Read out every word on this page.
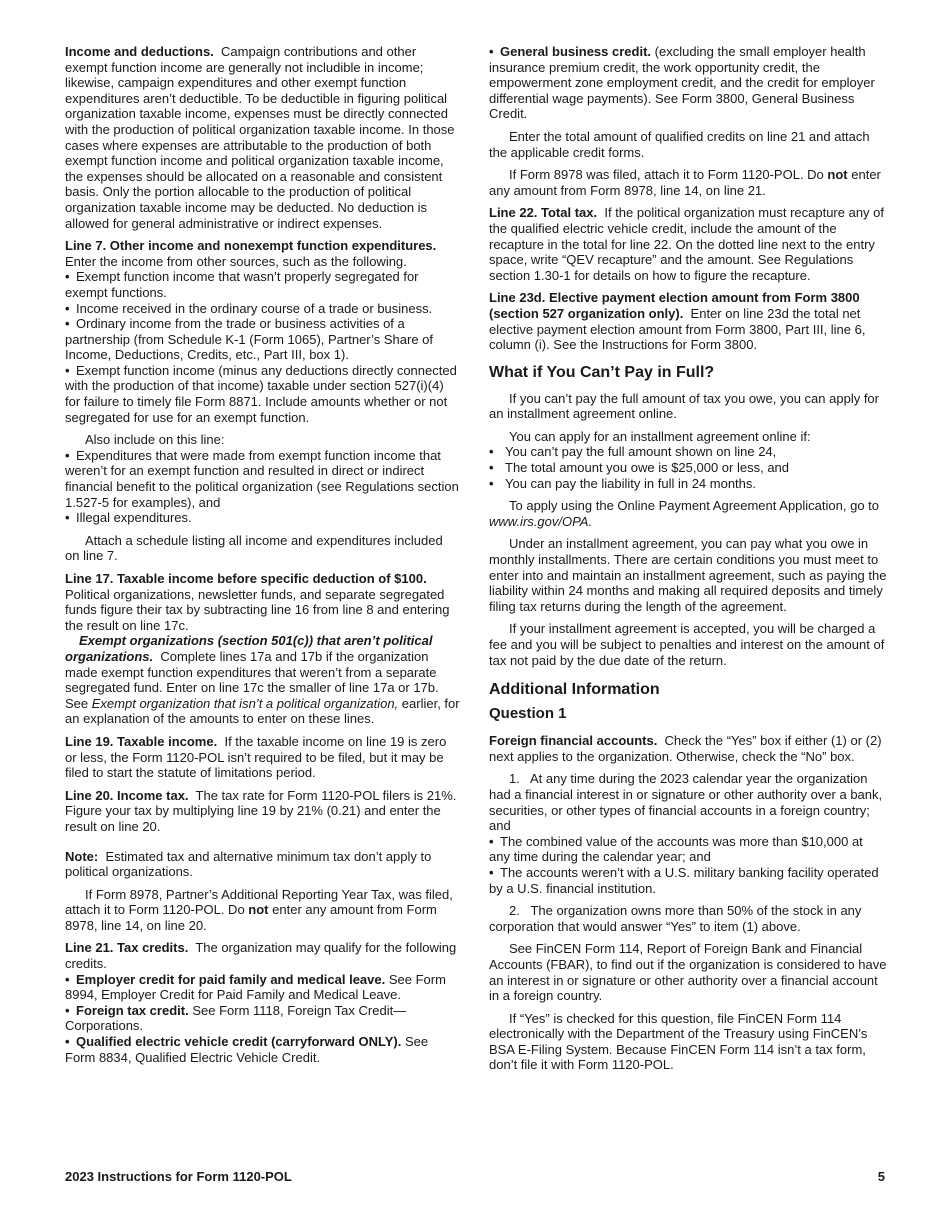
Income and deductions. Campaign contributions and other exempt function income are generally not includible in income; likewise, campaign expenditures and other exempt function expenditures aren’t deductible. To be deductible in figuring political organization taxable income, expenses must be directly connected with the production of political organization taxable income. In those cases where expenses are attributable to the production of both exempt function income and political organization taxable income, the expenses should be allocated on a reasonable and consistent basis. Only the portion allocable to the production of political organization taxable income may be deducted. No deduction is allowed for general administrative or indirect expenses.

Line 7. Other income and nonexempt function expenditures.  Enter the income from other sources, such as the following.
• Exempt function income that wasn’t properly segregated for exempt functions.
• Income received in the ordinary course of a trade or business.
• Ordinary income from the trade or business activities of a partnership (from Schedule K-1 (Form 1065), Partner’s Share of Income, Deductions, Credits, etc., Part III, box 1).
• Exempt function income (minus any deductions directly connected with the production of that income) taxable under section 527(i)(4) for failure to timely file Form 8871. Include amounts whether or not segregated for use for an exempt function.
Also include on this line:
• Expenditures that were made from exempt function income that weren’t for an exempt function and resulted in direct or indirect financial benefit to the political organization (see Regulations section 1.527-5 for examples), and
• Illegal expenditures.

Attach a schedule listing all income and expenditures included on line 7.

Line 17. Taxable income before specific deduction of $100. Political organizations, newsletter funds, and separate segregated funds figure their tax by subtracting line 16 from line 8 and entering the result on line 17c.
Exempt organizations (section 501(c)) that aren’t political organizations. Complete lines 17a and 17b if the organization made exempt function expenditures that weren’t from a separate segregated fund. Enter on line 17c the smaller of line 17a or 17b. See Exempt organization that isn’t a political organization, earlier, for an explanation of the amounts to enter on these lines.

Line 19. Taxable income. If the taxable income on line 19 is zero or less, the Form 1120-POL isn’t required to be filed, but it may be filed to start the statute of limitations period.

Line 20. Income tax. The tax rate for Form 1120-POL filers is 21%. Figure your tax by multiplying line 19 by 21% (0.21) and enter the result on line 20.

Note: Estimated tax and alternative minimum tax don’t apply to political organizations.

If Form 8978, Partner’s Additional Reporting Year Tax, was filed, attach it to Form 1120-POL. Do not enter any amount from Form 8978, line 14, on line 20.

Line 21. Tax credits. The organization may qualify for the following credits.
• Employer credit for paid family and medical leave. See Form 8994, Employer Credit for Paid Family and Medical Leave.
• Foreign tax credit. See Form 1118, Foreign Tax Credit—Corporations.
• Qualified electric vehicle credit (carryforward ONLY). See Form 8834, Qualified Electric Vehicle Credit.

• General business credit. (excluding the small employer health insurance premium credit, the work opportunity credit, the empowerment zone employment credit, and the credit for employer differential wage payments). See Form 3800, General Business Credit.

Enter the total amount of qualified credits on line 21 and attach the applicable credit forms.

If Form 8978 was filed, attach it to Form 1120-POL. Do not enter any amount from Form 8978, line 14, on line 21.

Line 22. Total tax. If the political organization must recapture any of the qualified electric vehicle credit, include the amount of the recapture in the total for line 22. On the dotted line next to the entry space, write “QEV recapture” and the amount. See Regulations section 1.30-1 for details on how to figure the recapture.

Line 23d. Elective payment election amount from Form 3800 (section 527 organization only). Enter on line 23d the total net elective payment election amount from Form 3800, Part III, line 6, column (i). See the Instructions for Form 3800.

What if You Can’t Pay in Full?

If you can’t pay the full amount of tax you owe, you can apply for an installment agreement online.

You can apply for an installment agreement online if:
• You can’t pay the full amount shown on line 24,
• The total amount you owe is $25,000 or less, and
• You can pay the liability in full in 24 months.

To apply using the Online Payment Agreement Application, go to www.irs.gov/OPA.

Under an installment agreement, you can pay what you owe in monthly installments. There are certain conditions you must meet to enter into and maintain an installment agreement, such as paying the liability within 24 months and making all required deposits and timely filing tax returns during the length of the agreement.

If your installment agreement is accepted, you will be charged a fee and you will be subject to penalties and interest on the amount of tax not paid by the due date of the return.

Additional Information
Question 1

Foreign financial accounts. Check the “Yes” box if either (1) or (2) next applies to the organization. Otherwise, check the “No” box.

1.   At any time during the 2023 calendar year the organization had a financial interest in or signature or other authority over a bank, securities, or other types of financial accounts in a foreign country; and
• The combined value of the accounts was more than $10,000 at any time during the calendar year; and
• The accounts weren’t with a U.S. military banking facility operated by a U.S. financial institution.

2.   The organization owns more than 50% of the stock in any corporation that would answer “Yes” to item (1) above.

See FinCEN Form 114, Report of Foreign Bank and Financial Accounts (FBAR), to find out if the organization is considered to have an interest in or signature or other authority over a financial account in a foreign country.

If “Yes” is checked for this question, file FinCEN Form 114 electronically with the Department of the Treasury using FinCEN’s BSA E-Filing System. Because FinCEN Form 114 isn’t a tax form, don’t file it with Form 1120-POL.

2023 Instructions for Form 1120-POL	5
